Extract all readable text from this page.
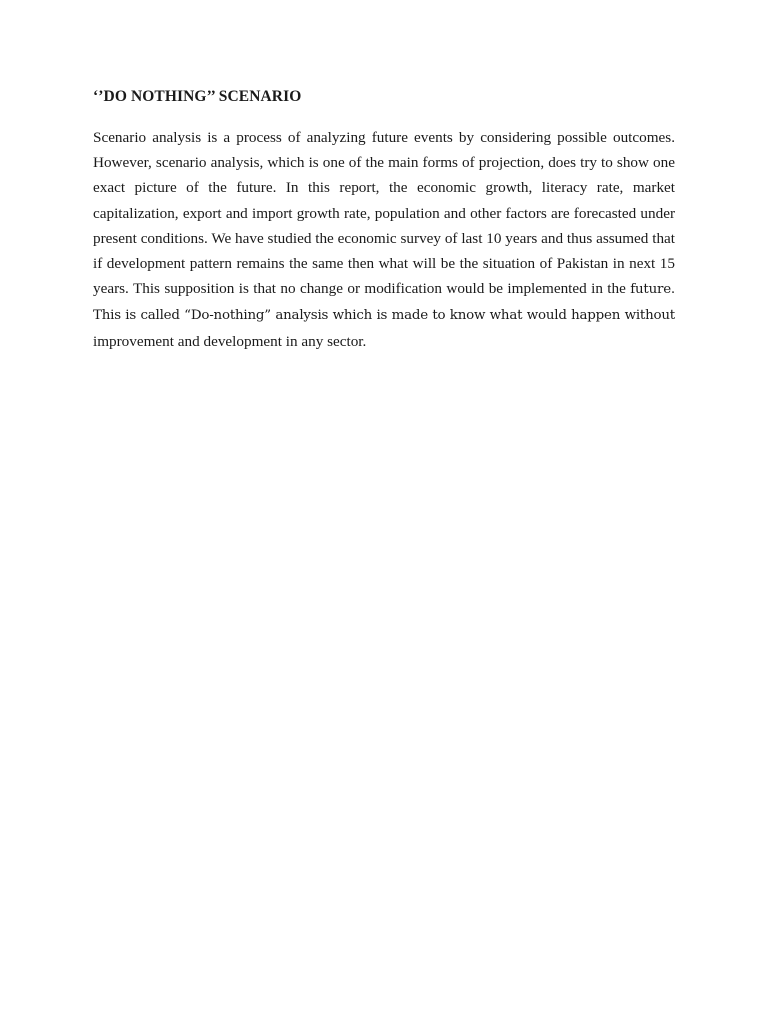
‘’DO NOTHING’’ SCENARIO

Scenario analysis is a process of analyzing future events by considering possible outcomes. However, scenario analysis, which is one of the main forms of projection, does try to show one exact picture of the future. In this report, the economic growth, literacy rate, market capitalization, export and import growth rate, population and other factors are forecasted under present conditions. We have studied the economic survey of last 10 years and thus assumed that if development pattern remains the same then what will be the situation of Pakistan in next 15 years. This supposition is that no change or modification would be implemented in the future. This is called “Do-nothing” analysis which is made to know what would happen without improvement and development in any sector.
